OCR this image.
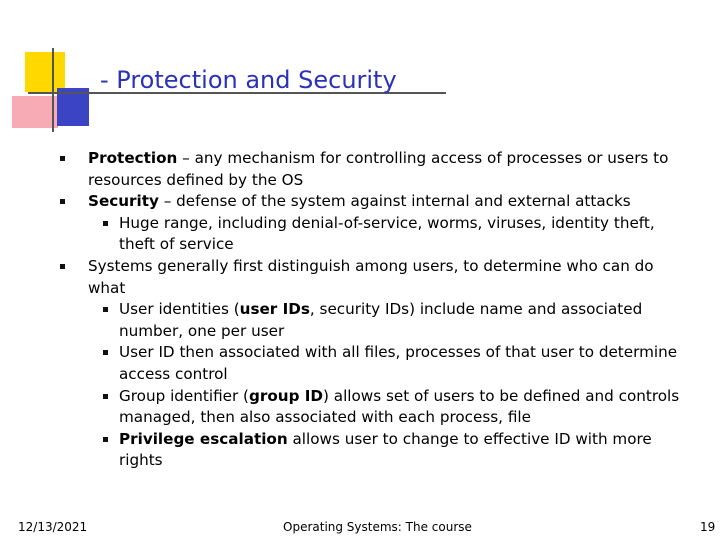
- Protection and Security
Protection – any mechanism for controlling access of processes or users to resources defined by the OS
Security – defense of the system against internal and external attacks
Huge range, including denial-of-service, worms, viruses, identity theft, theft of service
Systems generally first distinguish among users, to determine who can do what
User identities (user IDs, security IDs) include name and associated number, one per user
User ID then associated with all files, processes of that user to determine access control
Group identifier (group ID) allows set of users to be defined and controls managed, then also associated with each process, file
Privilege escalation allows user to change to effective ID with more rights
12/13/2021	Operating Systems: The course	19
